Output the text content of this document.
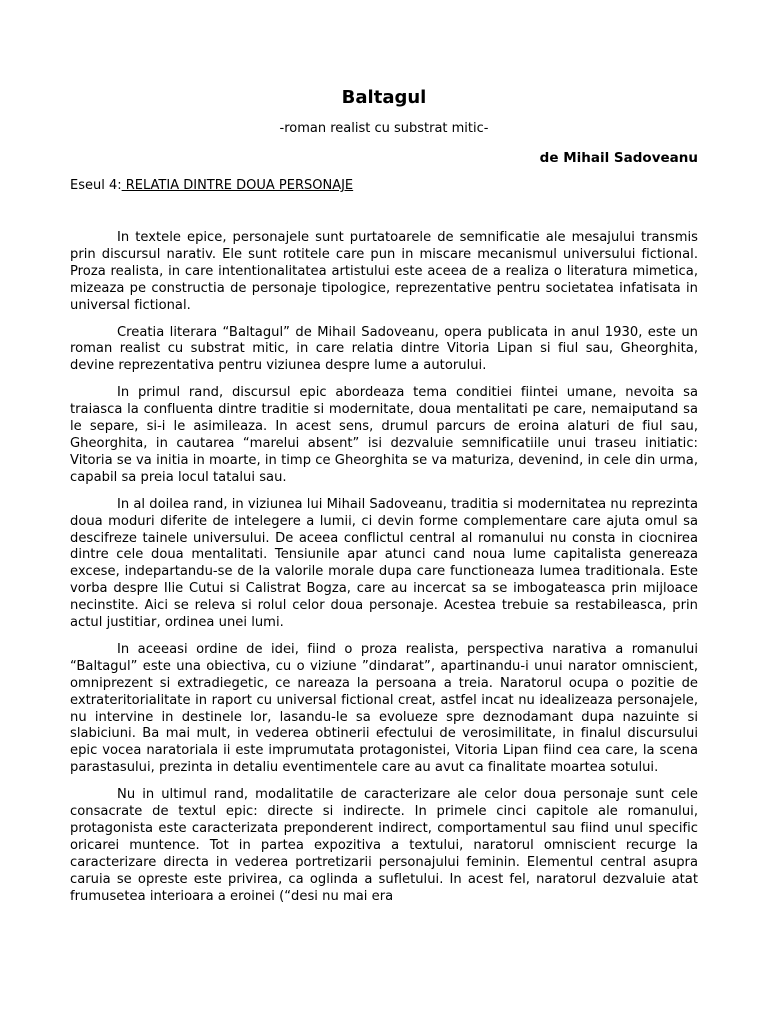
Baltagul

-roman realist cu substrat mitic-

de Mihail Sadoveanu

Eseul 4: RELATIA DINTRE DOUA PERSONAJE

In textele epice, personajele sunt purtatoarele de semnificatie ale mesajului transmis prin discursul narativ. Ele sunt rotitele care pun in miscare mecanismul universului fictional. Proza realista, in care intentionalitatea artistului este aceea de a realiza o literatura mimetica, mizeaza pe constructia de personaje tipologice, reprezentative pentru societatea infatisata in universal fictional.

Creatia literara “Baltagul” de Mihail Sadoveanu, opera publicata in anul 1930, este un roman realist cu substrat mitic, in care relatia dintre Vitoria Lipan si fiul sau, Gheorghita, devine reprezentativa pentru viziunea despre lume a autorului.

In primul rand, discursul epic abordeaza tema conditiei fiintei umane, nevoita sa traiasca la confluenta dintre traditie si modernitate, doua mentalitati pe care, nemaiputand sa le separe, si-i le asimileaza. In acest sens, drumul parcurs de eroina alaturi de fiul sau, Gheorghita, in cautarea “marelui absent” isi dezvaluie semnificatiile unui traseu initiatic: Vitoria se va initia in moarte, in timp ce Gheorghita se va maturiza, devenind, in cele din urma, capabil sa preia locul tatalui sau.

In al doilea rand, in viziunea lui Mihail Sadoveanu, traditia si modernitatea nu reprezinta doua moduri diferite de intelegere a lumii, ci devin forme complementare care ajuta omul sa descifreze tainele universului. De aceea conflictul central al romanului nu consta in ciocnirea dintre cele doua mentalitati. Tensiunile apar atunci cand noua lume capitalista genereaza excese, indepartandu-se de la valorile morale dupa care functioneaza lumea traditionala. Este vorba despre Ilie Cutui si Calistrat Bogza, care au incercat sa se imbogateasca prin mijloace necinstite. Aici se releva si rolul celor doua personaje. Acestea trebuie sa restabileasca, prin actul justitiar, ordinea unei lumi.

In aceeasi ordine de idei, fiind o proza realista, perspectiva narativa a romanului “Baltagul” este una obiectiva, cu o viziune ”dindarat”, apartinandu-i unui narator omniscient, omniprezent si extradiegetic, ce nareaza la persoana a treia. Naratorul ocupa o pozitie de extrateritorialitate in raport cu universal fictional creat, astfel incat nu idealizeaza personajele, nu intervine in destinele lor, lasandu-le sa evolueze spre deznodamant dupa nazuinte si slabiciuni. Ba mai mult, in vederea obtinerii efectului de verosimilitate, in finalul discursului epic vocea naratoriala ii este imprumutata protagonistei, Vitoria Lipan fiind cea care, la scena parastasului, prezinta in detaliu eventimentele care au avut ca finalitate moartea sotului.

Nu in ultimul rand, modalitatile de caracterizare ale celor doua personaje sunt cele consacrate de textul epic: directe si indirecte. In primele cinci capitole ale romanului, protagonista este caracterizata preponderent indirect, comportamentul sau fiind unul specific oricarei muntence. Tot in partea expozitiva a textului, naratorul omniscient recurge la caracterizare directa in vederea portretizarii personajului feminin. Elementul central asupra caruia se opreste este privirea, ca oglinda a sufletului. In acest fel, naratorul dezvaluie atat frumusetea interioara a eroinei (“desi nu mai era
